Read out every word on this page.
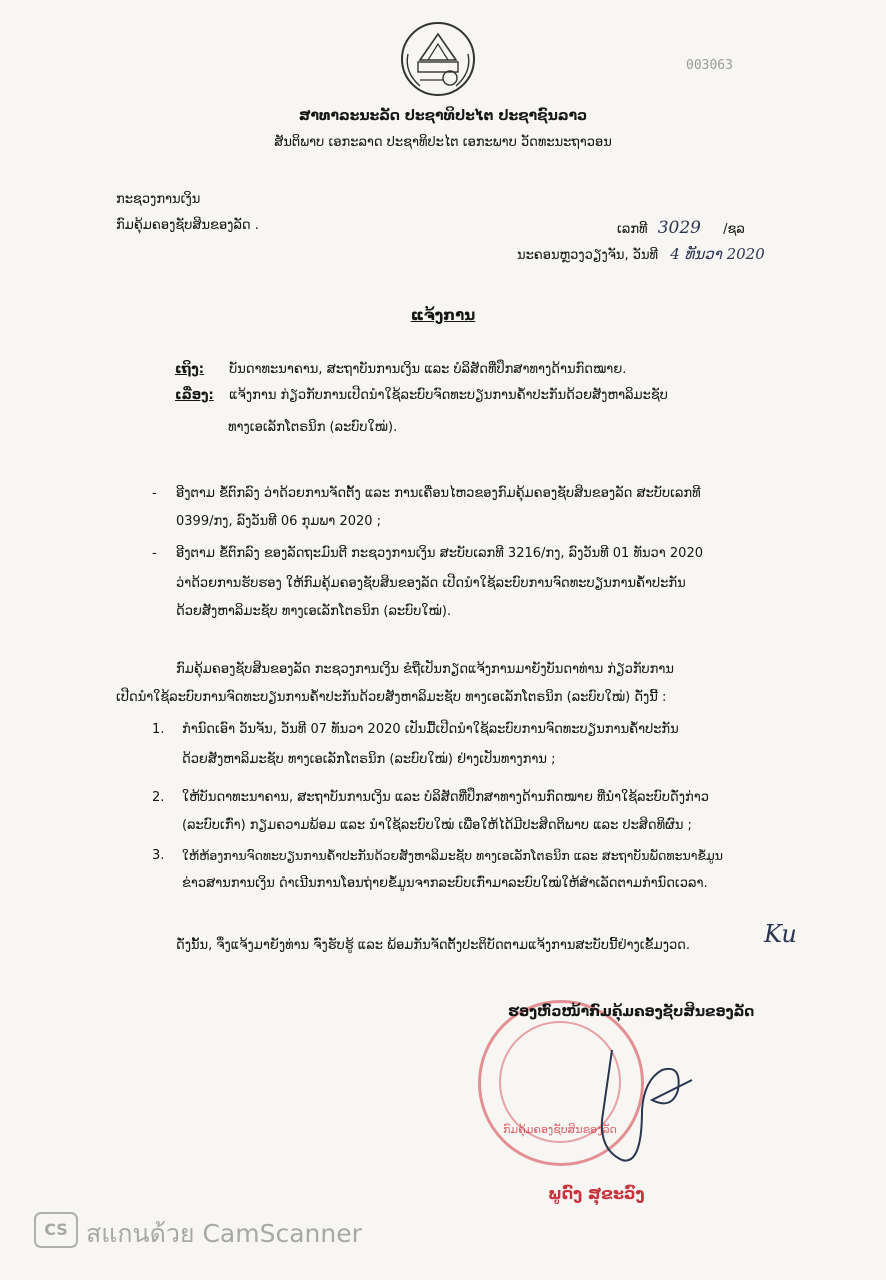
003063
ສາທາລະນະລັດ ປະຊາທິປະໄຕ ປະຊາຊົນລາວ
ສັນຕິພາບ ເອກະລາດ ປະຊາທິປະໄຕ ເອກະພາບ ວັດທະນະຖາວອນ
ກະຊວງການເງິນ
ກົມຄຸ້ມຄອງຊັບສິນຂອງລັດ .	ເລກທີ 3029 /ຊລ
ນະຄອນຫຼວງວຽງຈັນ, ວັນທີ 4 ທັນວາ 2020
ແຈ້ງການ
ເຖິງ: ບັນດາທະນາຄານ, ສະຖາບັນການເງິນ ແລະ ບໍລິສັດທີ່ປຶກສາທາງດ້ານກົດໝາຍ.
ເລື່ອງ: ແຈ້ງການ ກ່ຽວກັບການເປີດນຳໃຊ້ລະບົບຈົດທະບຽນການຄ້ຳປະກັນດ້ວຍສັງຫາລິມະຊັບ
ທາງເອເລັກໂຕຣນິກ (ລະບົບໃໝ່).
- ອີງຕາມ ຂໍ້ຕົກລົງ ວ່າດ້ວຍການຈັດຕັ້ງ ແລະ ການເຄື່ອນໄຫວຂອງກົມຄຸ້ມຄອງຊັບສິນຂອງລັດ ສະບັບເລກທີ
0399/ກງ, ລົງວັນທີ 06 ກຸມພາ 2020 ;
- ອີງຕາມ ຂໍ້ຕົກລົງ ຂອງລັດຖະມົນຕີ ກະຊວງການເງິນ ສະບັບເລກທີ 3216/ກງ, ລົງວັນທີ 01 ທັນວາ 2020
ວ່າດ້ວຍການຮັບຮອງ ໃຫ້ກົມຄຸ້ມຄອງຊັບສິນຂອງລັດ ເປີດນຳໃຊ້ລະບົບການຈົດທະບຽນການຄ້ຳປະກັນ
ດ້ວຍສັງຫາລິມະຊັບ ທາງເອເລັກໂຕຣນິກ (ລະບົບໃໝ່).
ກົມຄຸ້ມຄອງຊັບສິນຂອງລັດ ກະຊວງການເງິນ ຂໍຖືເປັນກຽດແຈ້ງການມາຍັງບັນດາທ່ານ ກ່ຽວກັບການ
ເປີດນຳໃຊ້ລະບົບການຈົດທະບຽນການຄ້ຳປະກັນດ້ວຍສັງຫາລິມະຊັບ ທາງເອເລັກໂຕຣນິກ (ລະບົບໃໝ່) ດັ່ງນີ້ :
1. ກຳນົດເອົາ ວັນຈັນ, ວັນທີ 07 ທັນວາ 2020 ເປັນມື້ເປີດນຳໃຊ້ລະບົບການຈົດທະບຽນການຄ້ຳປະກັນ
ດ້ວຍສັງຫາລິມະຊັບ ທາງເອເລັກໂຕຣນິກ (ລະບົບໃໝ່) ຢ່າງເປັນທາງການ ;
2. ໃຫ້ບັນດາທະນາຄານ, ສະຖາບັນການເງິນ ແລະ ບໍລິສັດທີ່ປຶກສາທາງດ້ານກົດໝາຍ ທີ່ນຳໃຊ້ລະບົບດັ່ງກ່າວ
(ລະບົບເກົ່າ) ກຽມຄວາມພ້ອມ ແລະ ນຳໃຊ້ລະບົບໃໝ່ ເພື່ອໃຫ້ໄດ້ມີປະສິດຕິພາບ ແລະ ປະສິດທິຜົນ ;
3. ໃຫ້ຫ້ອງການຈົດທະບຽນການຄ້ຳປະກັນດ້ວຍສັງຫາລິມະຊັບ ທາງເອເລັກໂຕຣນິກ ແລະ ສະຖາບັນພັດທະນາຂໍ້ມູນ
ຂ່າວສານການເງິນ ດຳເນີນການໂອນຖ່າຍຂໍ້ມູນຈາກລະບົບເກົ່າມາລະບົບໃໝ່ໃຫ້ສຳເລັດຕາມກຳນົດເວລາ.
ດັ່ງນັ້ນ, ຈຶ່ງແຈ້ງມາຍັງທ່ານ ຈົ່ງຮັບຮູ້ ແລະ ພ້ອມກັນຈັດຕັ້ງປະຕິບັດຕາມແຈ້ງການສະບັບນີ້ຢ່າງເຂັ້ມງວດ.	Ku
ກົມຄຸ້ມຄອງຊັບສິນຂອງລັດ
ຮອງຫົວໜ້າກົມຄຸ້ມຄອງຊັບສິນຂອງລັດ
ພູດົງ ສຸຂະວົງ
CS สแกนด้วย CamScanner
